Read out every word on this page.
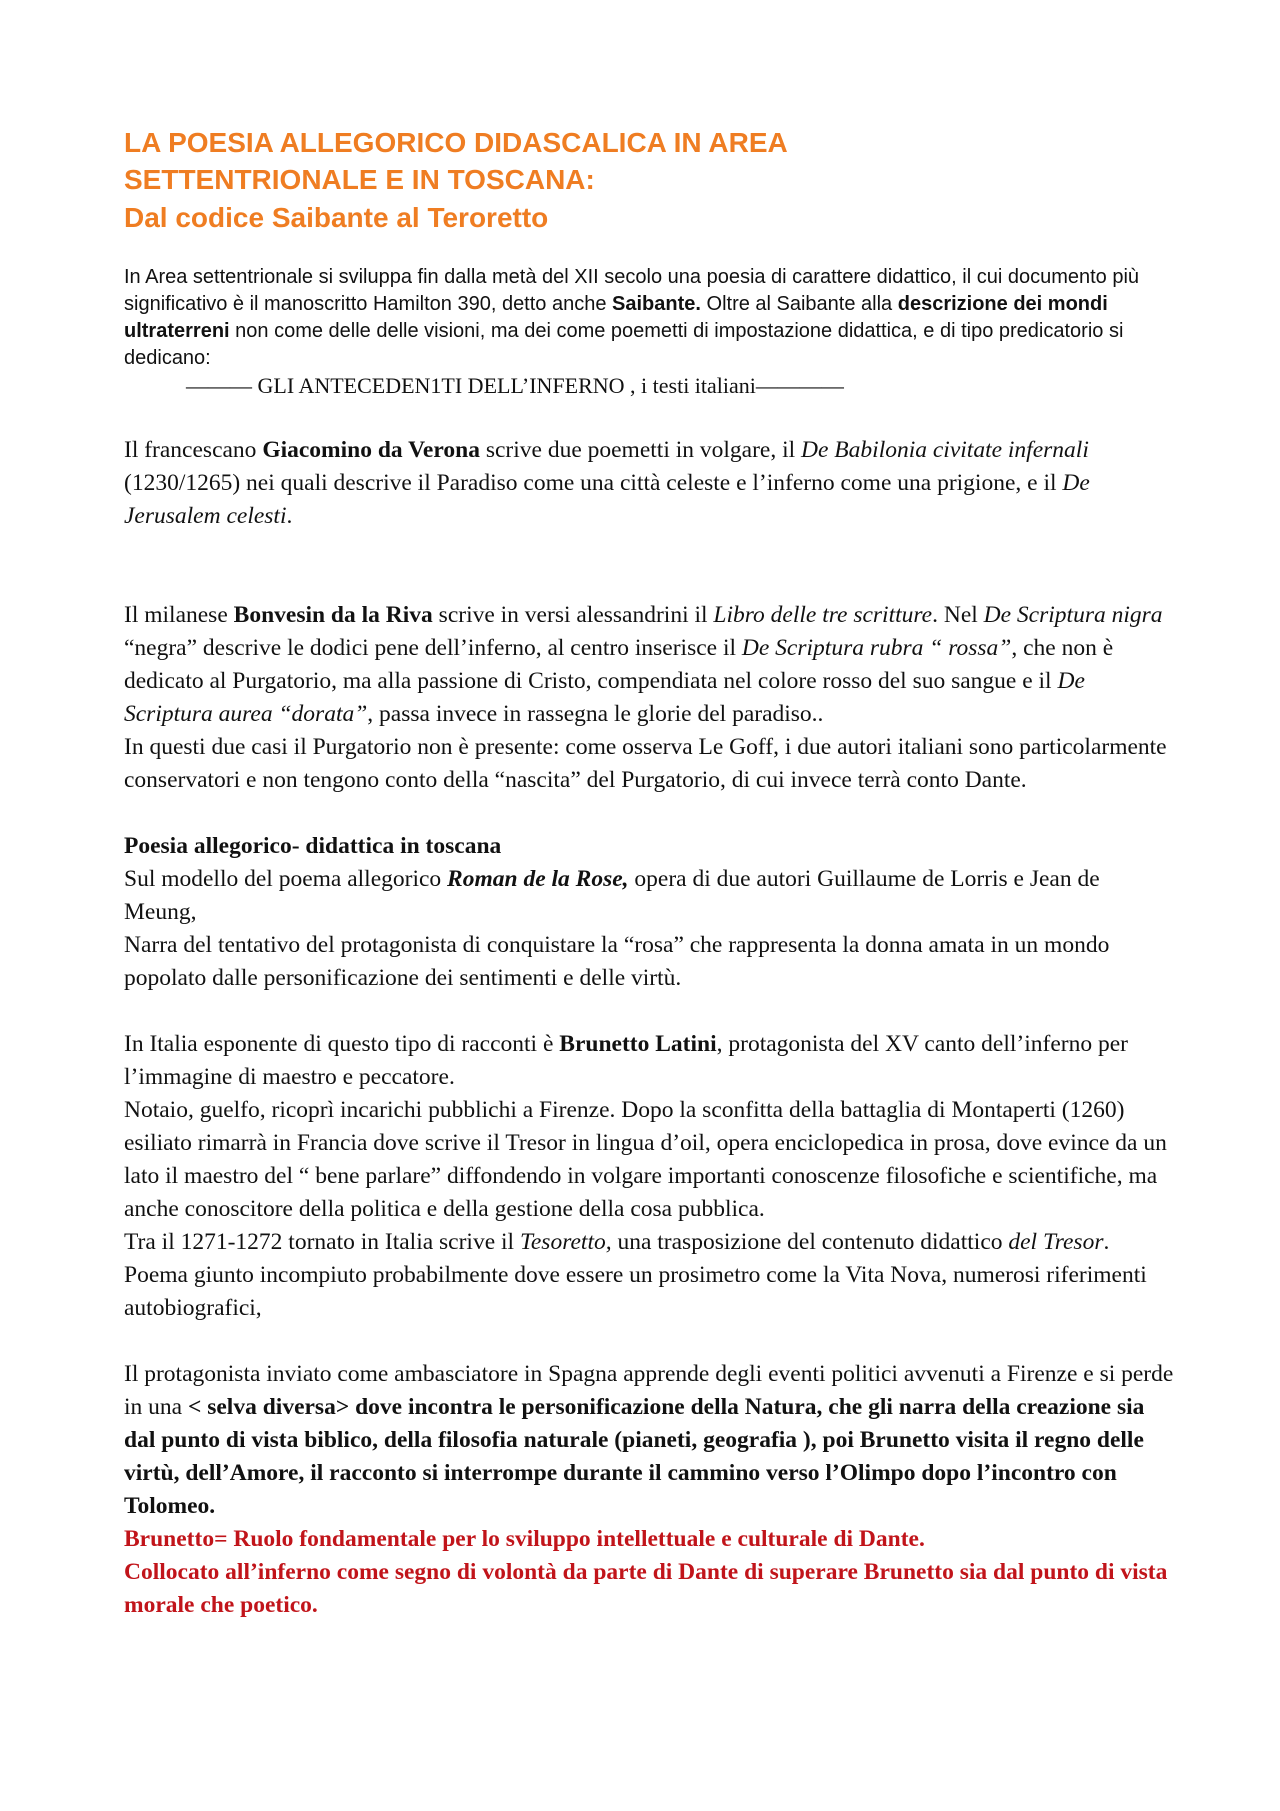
LA POESIA ALLEGORICO DIDASCALICA IN AREA
SETTENTRIONALE E IN TOSCANA:
Dal codice Saibante al Teroretto

In Area settentrionale si sviluppa fin dalla metà del XII secolo una poesia di carattere didattico, il cui documento più significativo è il manoscritto Hamilton 390, detto anche Saibante. Oltre al Saibante alla descrizione dei mondi ultraterreni non come delle delle visioni, ma dei come poemetti di impostazione didattica, e di tipo predicatorio si dedicano:

——— GLI ANTECEDEN1TI DELL’INFERNO , i testi italiani————

Il francescano Giacomino da Verona scrive due poemetti in volgare, il De Babilonia civitate infernali (1230/1265) nei quali descrive il Paradiso come una città celeste e l’inferno come una prigione, e il De Jerusalem celesti.

Il milanese Bonvesin da la Riva scrive in versi alessandrini il Libro delle tre scritture. Nel De Scriptura nigra “negra” descrive le dodici pene dell’inferno, al centro inserisce il De Scriptura rubra “ rossa”, che non è dedicato al Purgatorio, ma alla passione di Cristo, compendiata nel colore rosso del suo sangue e il De Scriptura aurea “dorata”, passa invece in rassegna le glorie del paradiso..

In questi due casi il Purgatorio non è presente: come osserva Le Goff, i due autori italiani sono particolarmente conservatori e non tengono conto della “nascita” del Purgatorio, di cui invece terrà conto Dante.

Poesia allegorico- didattica in toscana

Sul modello del poema allegorico Roman de la Rose, opera di due autori Guillaume de Lorris e Jean de Meung,

Narra del tentativo del protagonista di conquistare la “rosa” che rappresenta la donna amata in un mondo popolato dalle personificazione dei sentimenti e delle virtù.

In Italia esponente di questo tipo di racconti è Brunetto Latini, protagonista del XV canto dell’inferno per l’immagine di maestro e peccatore.

Notaio, guelfo, ricoprì incarichi pubblichi a Firenze. Dopo la sconfitta della battaglia di Montaperti (1260) esiliato rimarrà in Francia dove scrive il Tresor in lingua d’oil, opera enciclopedica in prosa, dove evince da un lato il maestro del “ bene parlare” diffondendo in volgare importanti conoscenze filosofiche e scientifiche, ma anche conoscitore della politica e della gestione della cosa pubblica.

Tra il 1271-1272 tornato in Italia scrive il Tesoretto, una trasposizione del contenuto didattico del Tresor. Poema giunto incompiuto probabilmente dove essere un prosimetro come la Vita Nova, numerosi riferimenti autobiografici,

Il protagonista inviato come ambasciatore in Spagna apprende degli eventi politici avvenuti a Firenze e si perde in una < selva diversa> dove incontra le personificazione della Natura, che gli narra della creazione sia dal punto di vista biblico, della filosofia naturale (pianeti, geografia ), poi Brunetto visita il regno delle virtù, dell’Amore, il racconto si interrompe durante il cammino verso l’Olimpo dopo l’incontro con Tolomeo.

Brunetto= Ruolo fondamentale per lo sviluppo intellettuale e culturale di Dante.

Collocato all’inferno come segno di volontà da parte di Dante di superare Brunetto sia dal punto di vista morale che poetico.
